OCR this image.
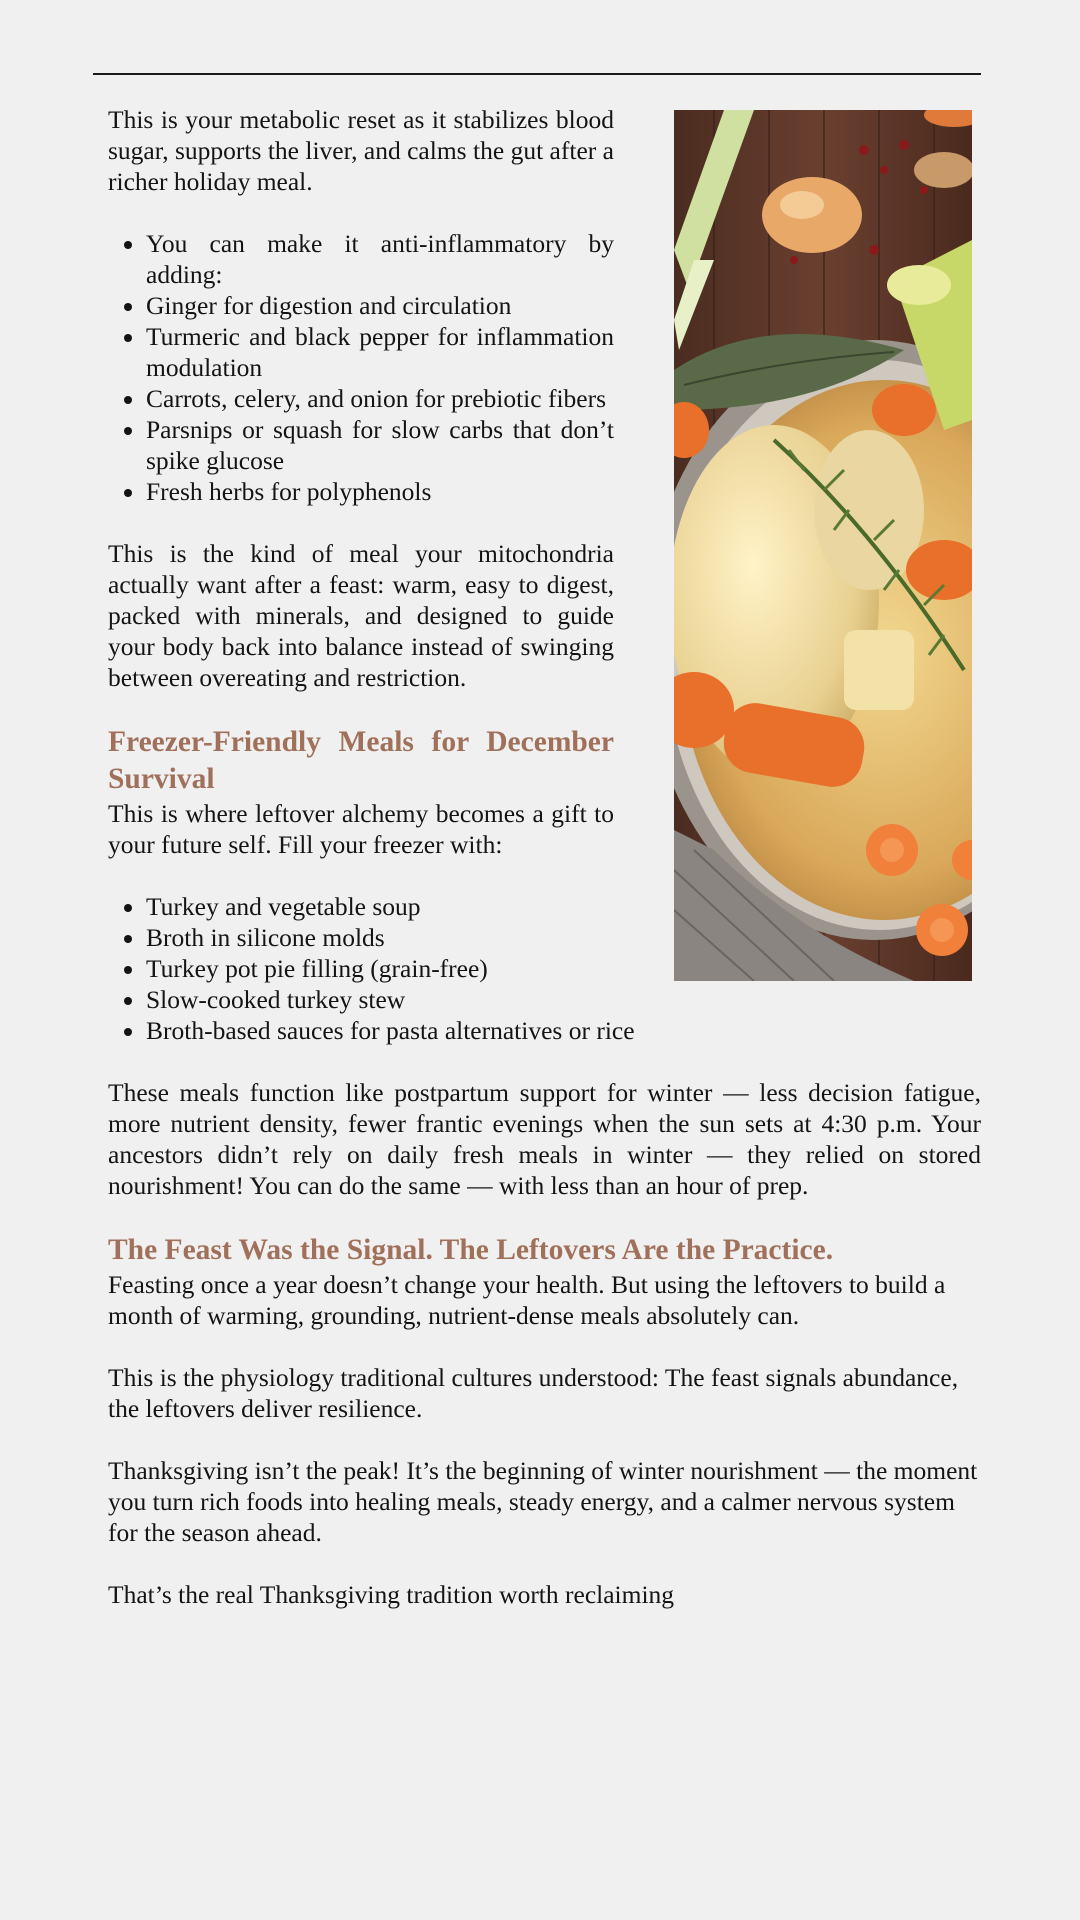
This is your metabolic reset as it stabilizes blood sugar, supports the liver, and calms the gut after a richer holiday meal.

• You can make it anti-inflammatory by adding:
• Ginger for digestion and circulation
• Turmeric and black pepper for inflammation modulation
• Carrots, celery, and onion for prebiotic fibers
• Parsnips or squash for slow carbs that don’t spike glucose
• Fresh herbs for polyphenols

This is the kind of meal your mitochondria actually want after a feast: warm, easy to digest, packed with minerals, and designed to guide your body back into balance instead of swinging between overeating and restriction.

Freezer-Friendly Meals for December Survival

This is where leftover alchemy becomes a gift to your future self. Fill your freezer with:

• Turkey and vegetable soup
• Broth in silicone molds
• Turkey pot pie filling (grain-free)
• Slow-cooked turkey stew
• Broth-based sauces for pasta alternatives or rice

These meals function like postpartum support for winter — less decision fatigue, more nutrient density, fewer frantic evenings when the sun sets at 4:30 p.m. Your ancestors didn’t rely on daily fresh meals in winter — they relied on stored nourishment! You can do the same — with less than an hour of prep.

The Feast Was the Signal. The Leftovers Are the Practice.

Feasting once a year doesn’t change your health. But using the leftovers to build a month of warming, grounding, nutrient-dense meals absolutely can.

This is the physiology traditional cultures understood: The feast signals abundance, the leftovers deliver resilience.

Thanksgiving isn’t the peak! It’s the beginning of winter nourishment — the moment you turn rich foods into healing meals, steady energy, and a calmer nervous system for the season ahead.

That’s the real Thanksgiving tradition worth reclaiming
